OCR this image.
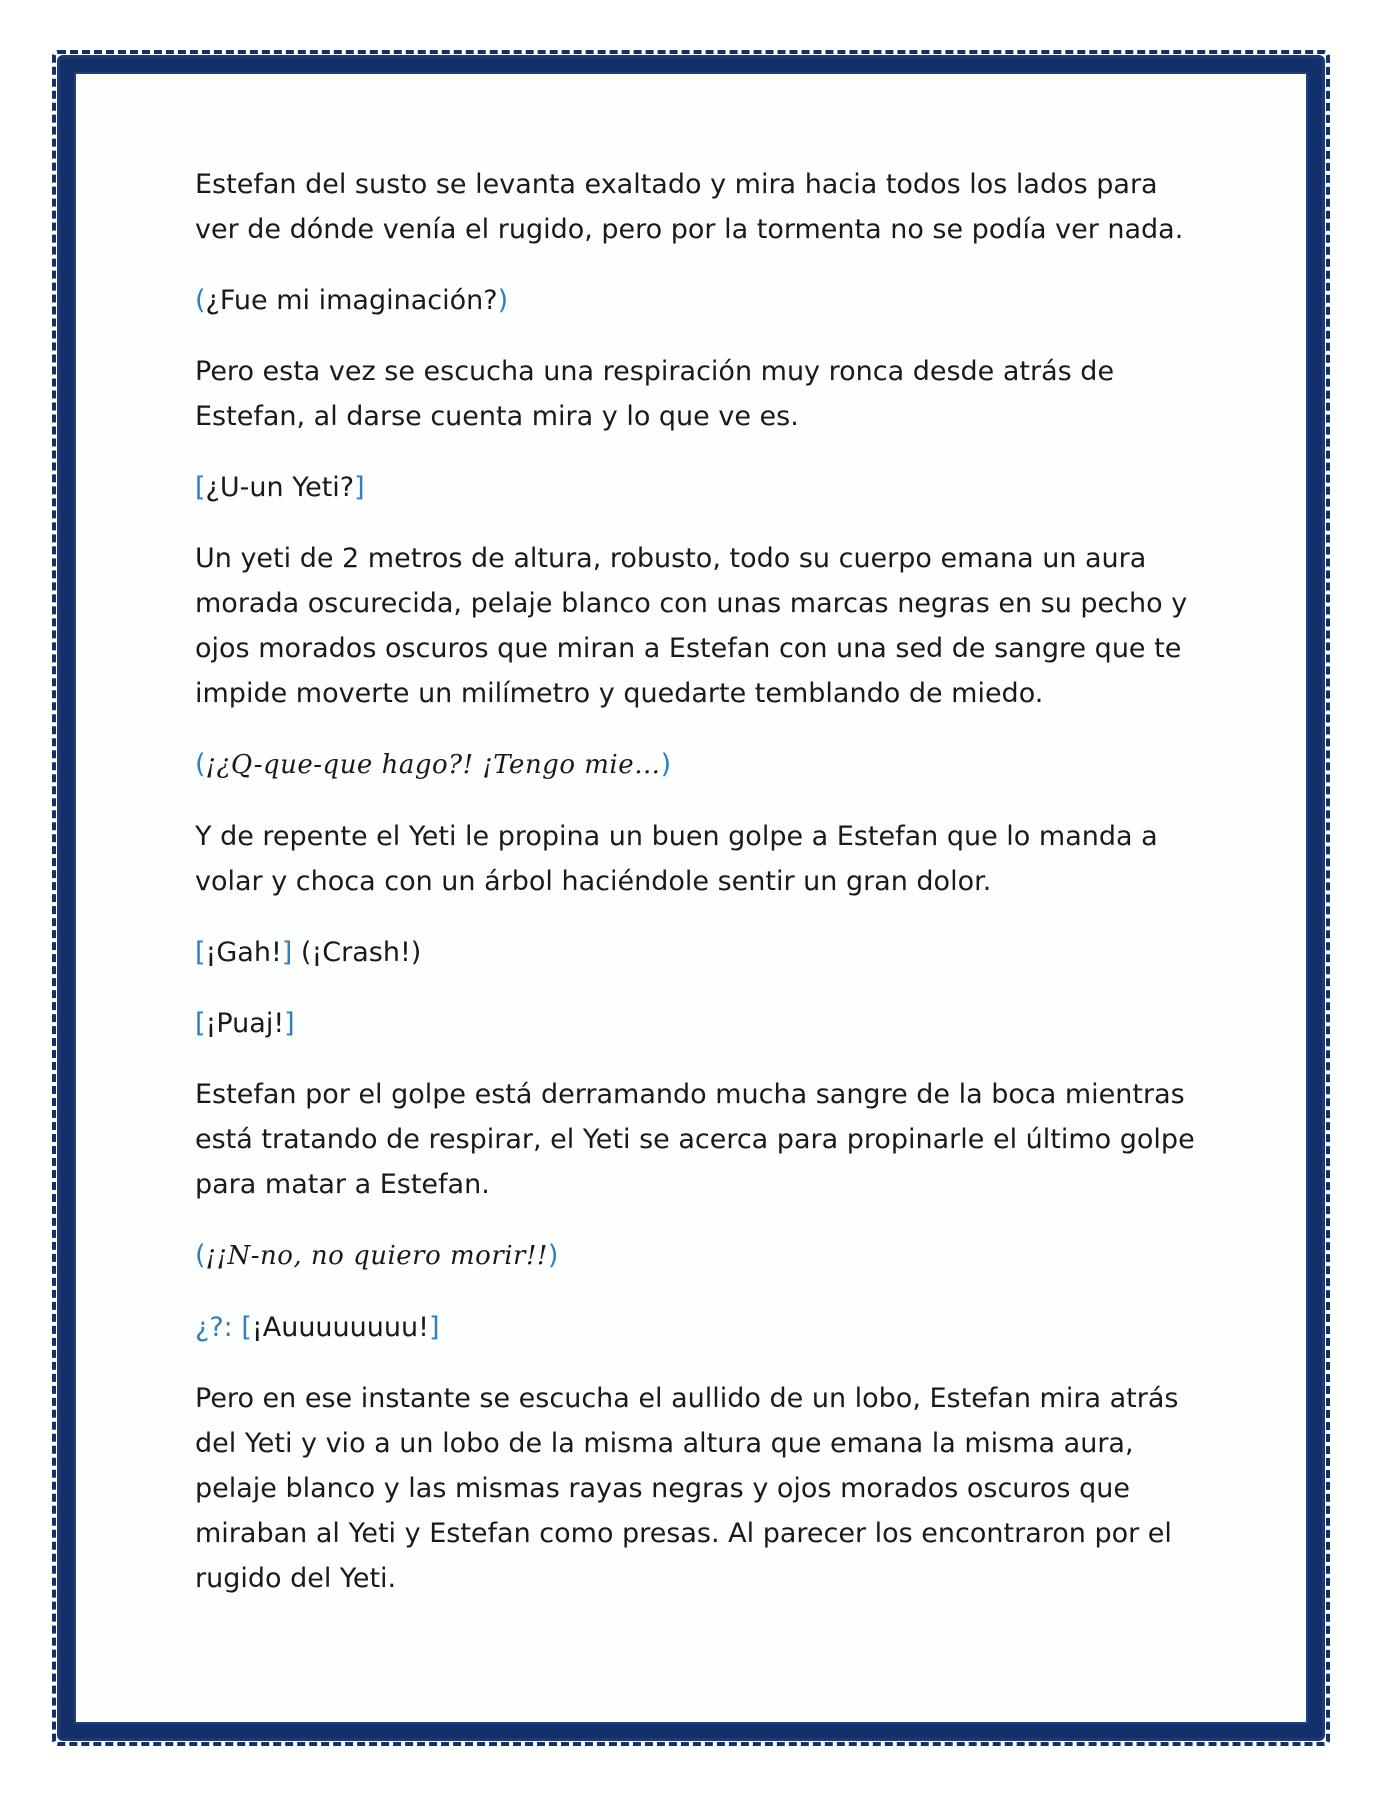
Estefan del susto se levanta exaltado y mira hacia todos los lados para ver de dónde venía el rugido, pero por la tormenta no se podía ver nada.

(¿Fue mi imaginación?)

Pero esta vez se escucha una respiración muy ronca desde atrás de Estefan, al darse cuenta mira y lo que ve es.

[¿U-un Yeti?]

Un yeti de 2 metros de altura, robusto, todo su cuerpo emana un aura morada oscurecida, pelaje blanco con unas marcas negras en su pecho y ojos morados oscuros que miran a Estefan con una sed de sangre que te impide moverte un milímetro y quedarte temblando de miedo.

(¡¿Q-que-que hago?! ¡Tengo mie…)

Y de repente el Yeti le propina un buen golpe a Estefan que lo manda a volar y choca con un árbol haciéndole sentir un gran dolor.

[¡Gah!] (¡Crash!)

[¡Puaj!]

Estefan por el golpe está derramando mucha sangre de la boca mientras está tratando de respirar, el Yeti se acerca para propinarle el último golpe para matar a Estefan.

(¡¡N-no, no quiero morir!!)

¿?: [¡Auuuuuuuu!]

Pero en ese instante se escucha el aullido de un lobo, Estefan mira atrás del Yeti y vio a un lobo de la misma altura que emana la misma aura, pelaje blanco y las mismas rayas negras y ojos morados oscuros que miraban al Yeti y Estefan como presas. Al parecer los encontraron por el rugido del Yeti.
